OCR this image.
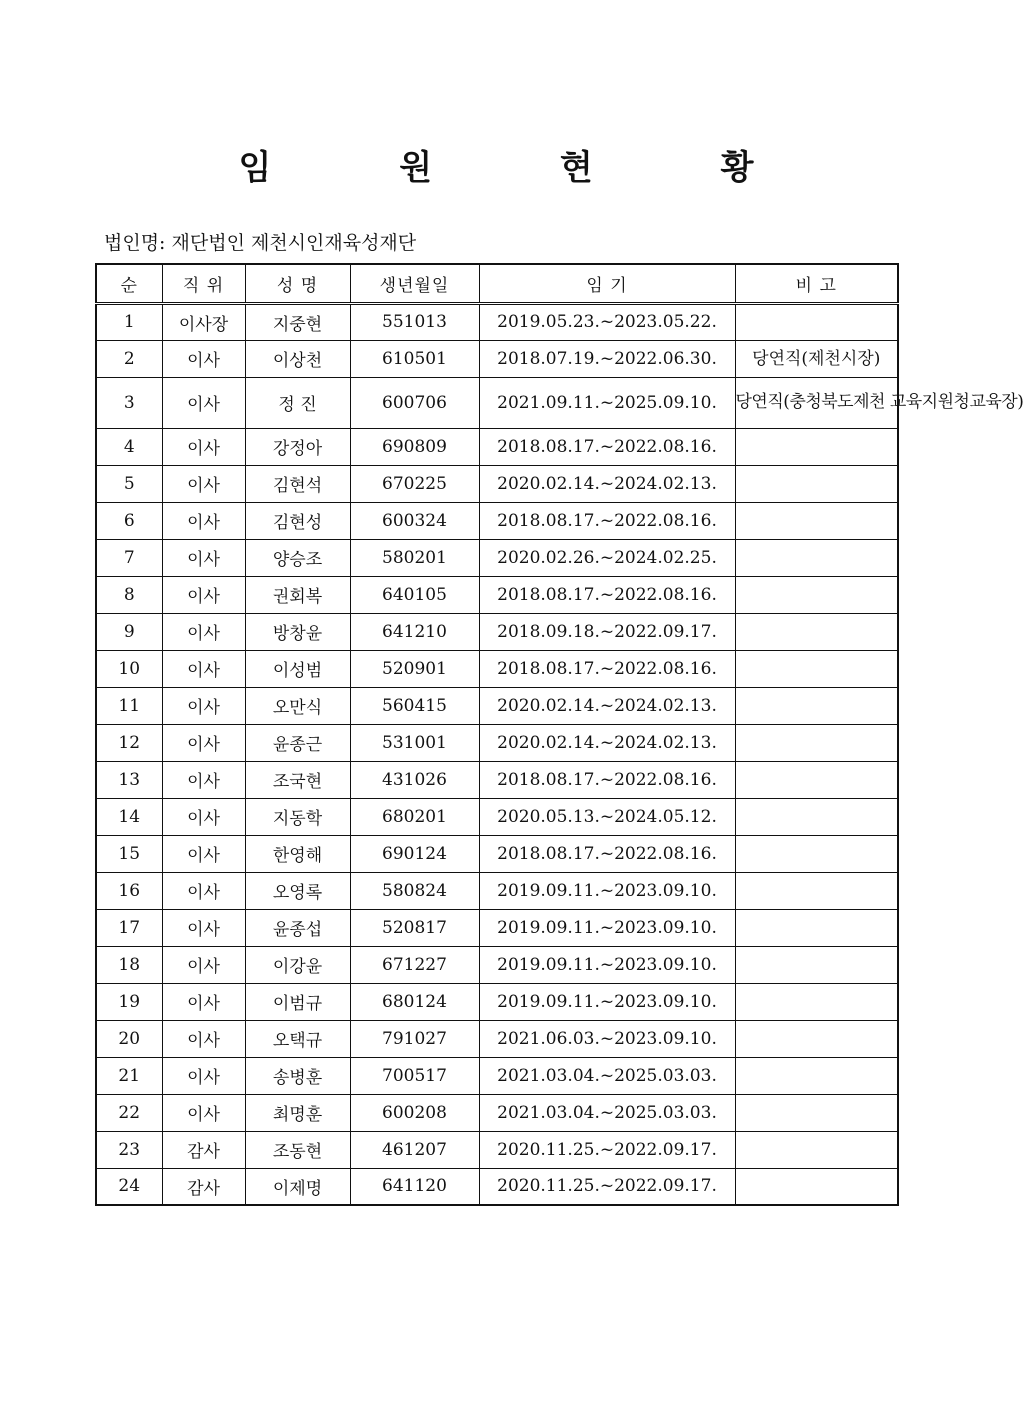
임 원 현 황
법인명: 재단법인 제천시인재육성재단
순	직 위	성 명	생년월일	임 기	비 고
1	이사장	지중현	551013	2019.05.23.~2023.05.22.	
2	이사	이상천	610501	2018.07.19.~2022.06.30.	당연직(제천시장)
3	이사	정 진	600706	2021.09.11.~2025.09.10.	당연직(충청북도제천 교육지원청교육장)
4	이사	강정아	690809	2018.08.17.~2022.08.16.	
5	이사	김현석	670225	2020.02.14.~2024.02.13.	
6	이사	김현성	600324	2018.08.17.~2022.08.16.	
7	이사	양승조	580201	2020.02.26.~2024.02.25.	
8	이사	권회복	640105	2018.08.17.~2022.08.16.	
9	이사	방창윤	641210	2018.09.18.~2022.09.17.	
10	이사	이성범	520901	2018.08.17.~2022.08.16.	
11	이사	오만식	560415	2020.02.14.~2024.02.13.	
12	이사	윤종근	531001	2020.02.14.~2024.02.13.	
13	이사	조국현	431026	2018.08.17.~2022.08.16.	
14	이사	지동학	680201	2020.05.13.~2024.05.12.	
15	이사	한영해	690124	2018.08.17.~2022.08.16.	
16	이사	오영록	580824	2019.09.11.~2023.09.10.	
17	이사	윤종섭	520817	2019.09.11.~2023.09.10.	
18	이사	이강윤	671227	2019.09.11.~2023.09.10.	
19	이사	이범규	680124	2019.09.11.~2023.09.10.	
20	이사	오택규	791027	2021.06.03.~2023.09.10.	
21	이사	송병훈	700517	2021.03.04.~2025.03.03.	
22	이사	최명훈	600208	2021.03.04.~2025.03.03.	
23	감사	조동현	461207	2020.11.25.~2022.09.17.	
24	감사	이제명	641120	2020.11.25.~2022.09.17.	
